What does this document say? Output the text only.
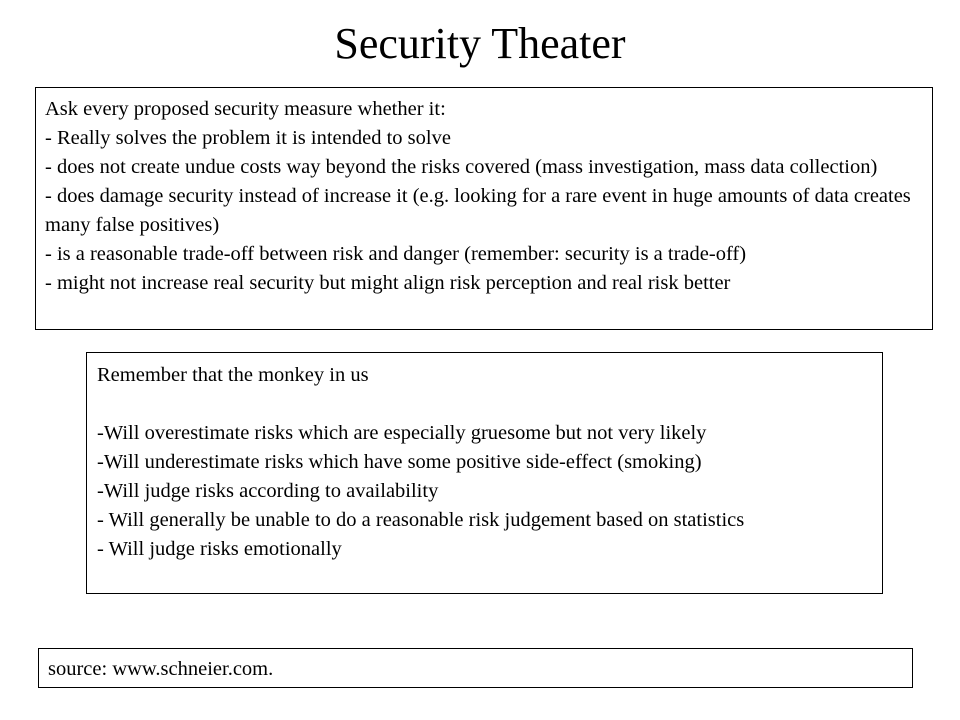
Security Theater
Ask every proposed security measure whether it:
- Really solves the problem it is intended to solve
- does not create undue costs way beyond the risks covered (mass investigation, mass data collection)
- does damage security instead of increase it (e.g. looking for a rare event in huge amounts of data creates many false positives)
- is a reasonable trade-off between risk and danger (remember: security is a trade-off)
- might not increase real security but might align risk perception and real risk better
Remember that the monkey in us
-Will overestimate risks which are especially gruesome but not very likely
-Will underestimate risks which have some positive side-effect (smoking)
-Will judge risks according to availability
- Will generally be unable to do a reasonable risk judgement based on statistics
- Will judge risks emotionally
source: www.schneier.com.
